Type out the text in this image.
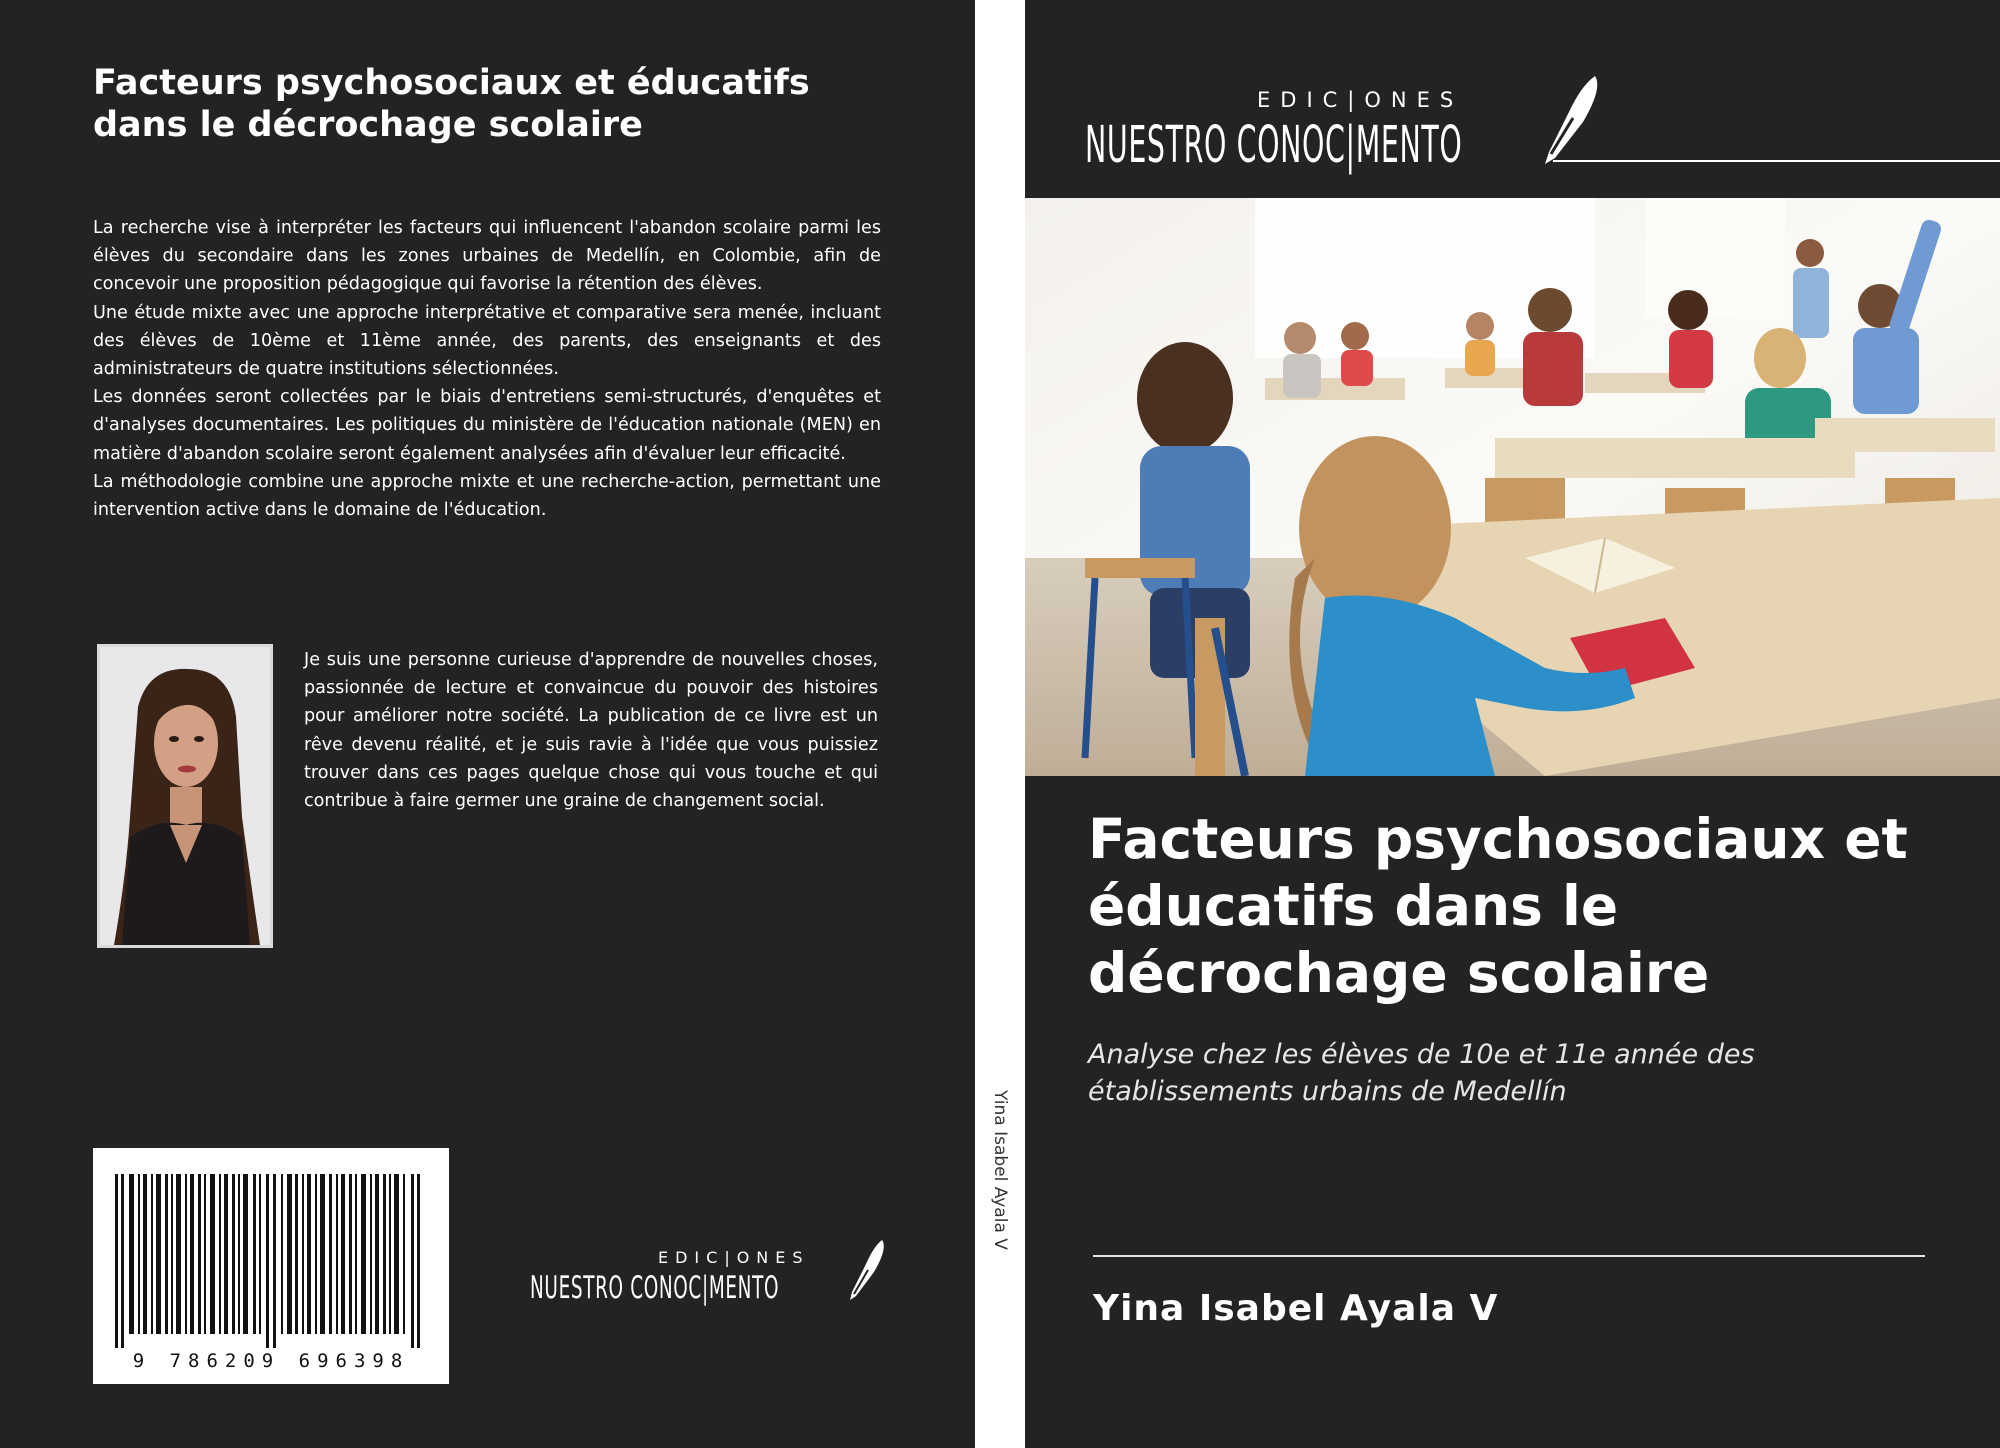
Facteurs psychosociaux et éducatifs dans le décrochage scolaire

La recherche vise à interpréter les facteurs qui influencent l'abandon scolaire parmi les élèves du secondaire dans les zones urbaines de Medellín, en Colombie, afin de concevoir une proposition pédagogique qui favorise la rétention des élèves.

Une étude mixte avec une approche interprétative et comparative sera menée, incluant des élèves de 10ème et 11ème année, des parents, des enseignants et des administrateurs de quatre institutions sélectionnées.

Les données seront collectées par le biais d'entretiens semi-structurés, d'enquêtes et d'analyses documentaires. Les politiques du ministère de l'éducation nationale (MEN) en matière d'abandon scolaire seront également analysées afin d'évaluer leur efficacité.

La méthodologie combine une approche mixte et une recherche-action, permettant une intervention active dans le domaine de l'éducation.

Je suis une personne curieuse d'apprendre de nouvelles choses, passionnée de lecture et convaincue du pouvoir des histoires pour améliorer notre société. La publication de ce livre est un rêve devenu réalité, et je suis ravie à l'idée que vous puissiez trouver dans ces pages quelque chose qui vous touche et qui contribue à faire germer une graine de changement social.

9 786209 696398
EDIC|ONES
NUESTRO CONOC|MENTO
Yina Isabel Ayala V
EDIC|ONES
NUESTRO CONOC|MENTO
Facteurs psychosociaux et éducatifs dans le décrochage scolaire

Analyse chez les élèves de 10e et 11e année des établissements urbains de Medellín

Yina Isabel Ayala V
